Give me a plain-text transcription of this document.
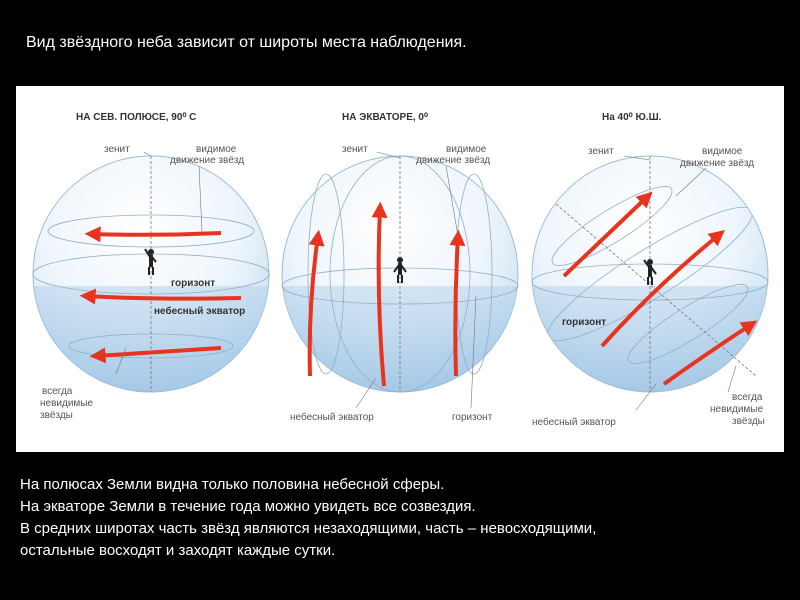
Вид звёздного неба зависит от широты места наблюдения.
НА СЕВ. ПОЛЮСЕ, 90⁰ С
зенит	видимое
движение звёзд
горизонт
небесный экватор
всегда
невидимые
звёзды
НА ЭКВАТОРЕ, 0⁰
зенит	видимое
движение звёзд
небесный экватор	горизонт
На 40⁰ Ю.Ш.
зенит	видимое
движение звёзд
горизонт
небесный экватор
всегда
невидимые
звёзды
На полюсах Земли видна только половина небесной сферы.
На экваторе Земли в течение года можно увидеть все созвездия.
В средних широтах часть звёзд являются незаходящими, часть – невосходящими,
остальные восходят и заходят каждые сутки.
